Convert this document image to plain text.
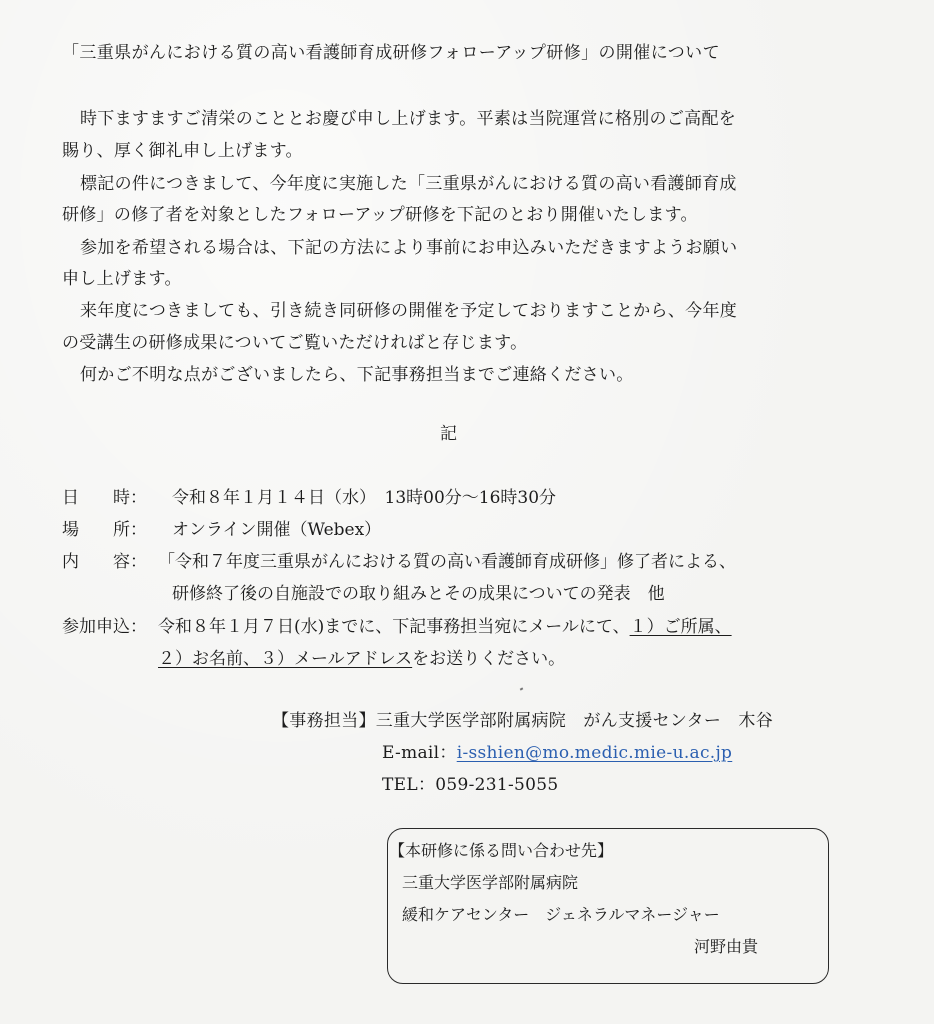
「三重県がんにおける質の高い看護師育成研修フォローアップ研修」の開催について
時下ますますご清栄のこととお慶び申し上げます。平素は当院運営に格別のご高配を
賜り、厚く御礼申し上げます。
標記の件につきまして、今年度に実施した「三重県がんにおける質の高い看護師育成
研修」の修了者を対象としたフォローアップ研修を下記のとおり開催いたします。
参加を希望される場合は、下記の方法により事前にお申込みいただきますようお願い
申し上げます。
来年度につきましても、引き続き同研修の開催を予定しておりますことから、今年度
の受講生の研修成果についてご覧いただければと存じます。
何かご不明な点がございましたら、下記事務担当までご連絡ください。
記
日　　時： 令和８年１月１４日（水）　13時00分〜16時30分
場　　所： オンライン開催（Webex）
内　　容： 「令和７年度三重県がんにおける質の高い看護師育成研修」修了者による、
研修終了後の自施設での取り組みとその成果についての発表　他
参加申込： 令和８年１月７日(水)までに、下記事務担当宛にメールにて、１）ご所属、
２）お名前、３）メールアドレスをお送りください。
【事務担当】三重大学医学部附属病院　がん支援センター　木谷
E-mail：i-sshien@mo.medic.mie-u.ac.jp
TEL：059-231-5055
【本研修に係る問い合わせ先】
三重大学医学部附属病院
緩和ケアセンター　ジェネラルマネージャー
河野由貴
